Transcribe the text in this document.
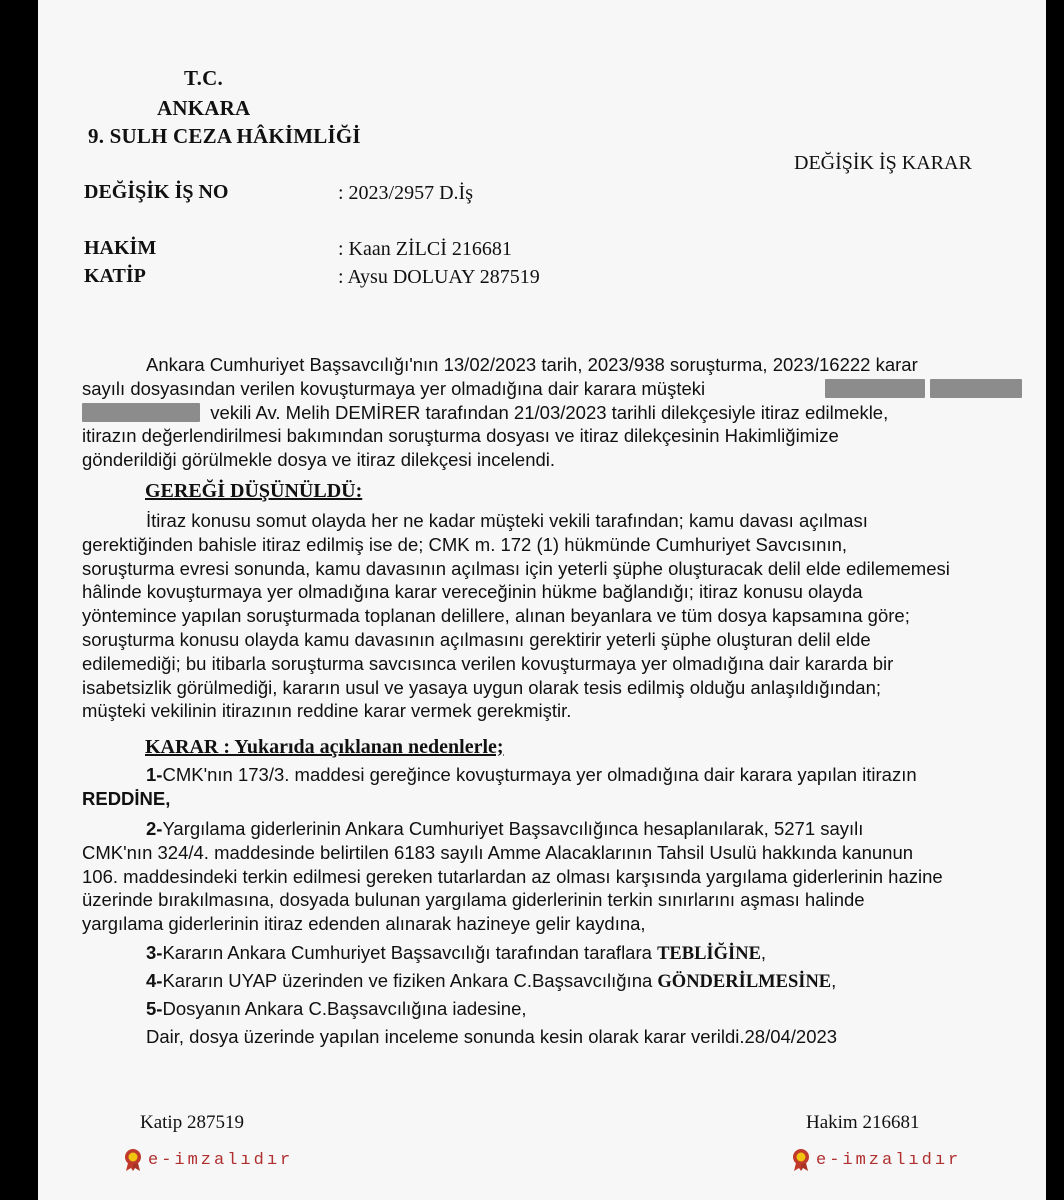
T.C.
ANKARA
9. SULH CEZA HÂKİMLİĞİ
DEĞİŞİK İŞ KARAR
DEĞİŞİK İŞ NO	: 2023/2957 D.İş
HAKİM	: Kaan ZİLCİ 216681
KATİP	: Aysu DOLUAY 287519
Ankara Cumhuriyet Başsavcılığı'nın 13/02/2023 tarih, 2023/938 soruşturma, 2023/16222 karar
sayılı dosyasından verilen kovuşturmaya yer olmadığına dair karara müşteki

vekili Av. Melih DEMİRER tarafından 21/03/2023 tarihli dilekçesiyle itiraz edilmekle,
itirazın değerlendirilmesi bakımından soruşturma dosyası ve itiraz dilekçesinin Hakimliğimize
gönderildiği görülmekle dosya ve itiraz dilekçesi incelendi.
GEREĞİ DÜŞÜNÜLDÜ:
İtiraz konusu somut olayda her ne kadar müşteki vekili tarafından; kamu davası açılması
gerektiğinden bahisle itiraz edilmiş ise de; CMK m. 172 (1) hükmünde Cumhuriyet Savcısının,
soruşturma evresi sonunda, kamu davasının açılması için yeterli şüphe oluşturacak delil elde edilememesi
hâlinde kovuşturmaya yer olmadığına karar vereceğinin hükme bağlandığı; itiraz konusu olayda
yöntemince yapılan soruşturmada toplanan delillere, alınan beyanlara ve tüm dosya kapsamına göre;
soruşturma konusu olayda kamu davasının açılmasını gerektirir yeterli şüphe oluşturan delil elde
edilemediği; bu itibarla soruşturma savcısınca verilen kovuşturmaya yer olmadığına dair kararda bir
isabetsizlik görülmediği, kararın usul ve yasaya uygun olarak tesis edilmiş olduğu anlaşıldığından;
müşteki vekilinin itirazının reddine karar vermek gerekmiştir.
KARAR : Yukarıda açıklanan nedenlerle;
1-CMK'nın 173/3. maddesi gereğince kovuşturmaya yer olmadığına dair karara yapılan itirazın
REDDİNE,
2-Yargılama giderlerinin Ankara Cumhuriyet Başsavcılığınca hesaplanılarak, 5271 sayılı
CMK'nın 324/4. maddesinde belirtilen 6183 sayılı Amme Alacaklarının Tahsil Usulü hakkında kanunun
106. maddesindeki terkin edilmesi gereken tutarlardan az olması karşısında yargılama giderlerinin hazine
üzerinde bırakılmasına, dosyada bulunan yargılama giderlerinin terkin sınırlarını aşması halinde
yargılama giderlerinin itiraz edenden alınarak hazineye gelir kaydına,
3-Kararın Ankara Cumhuriyet Başsavcılığı tarafından taraflara TEBLİĞİNE,
4-Kararın UYAP üzerinden ve fiziken Ankara C.Başsavcılığına GÖNDERİLMESİNE,
5-Dosyanın Ankara C.Başsavcılığına iadesine,
Dair, dosya üzerinde yapılan inceleme sonunda kesin olarak karar verildi.28/04/2023
Katip 287519	Hakim 216681
e-imzalıdır	e-imzalıdır
